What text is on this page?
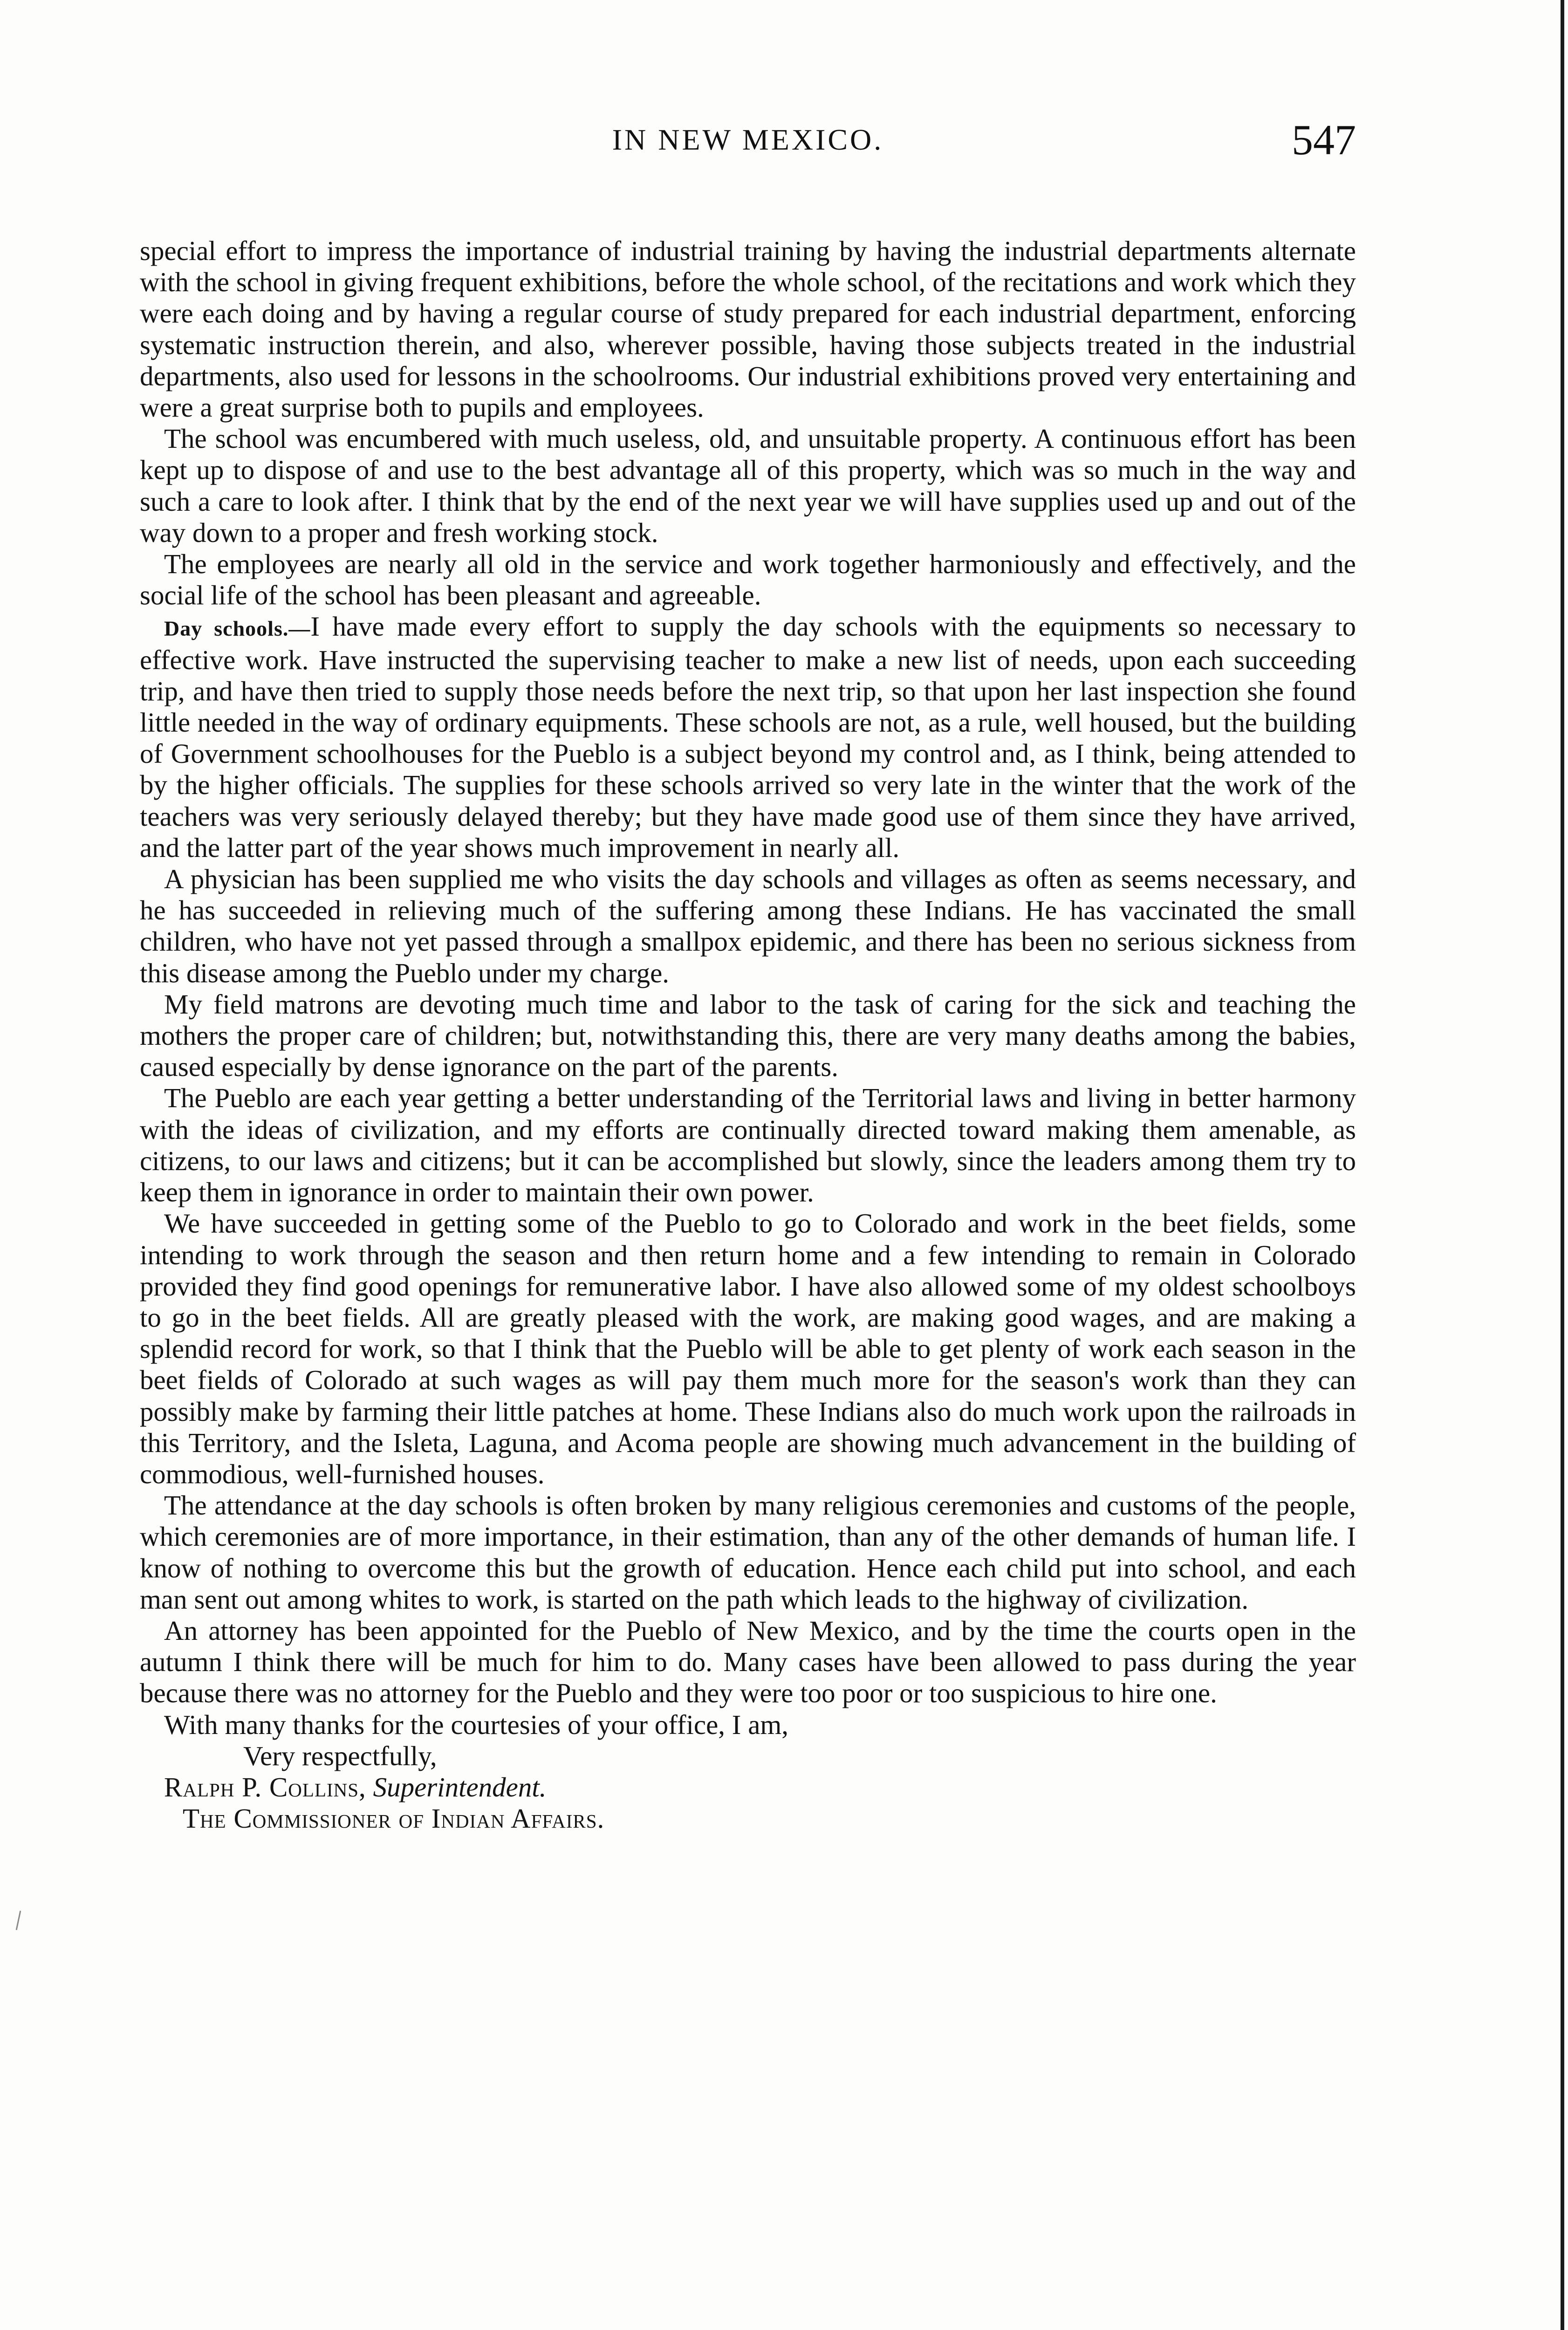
IN NEW MEXICO.	547

special effort to impress the importance of industrial training by having the industrial departments alternate with the school in giving frequent exhibitions, before the whole school, of the recitations and work which they were each doing and by having a regular course of study prepared for each industrial department, enforcing systematic instruction therein, and also, wherever possible, having those subjects treated in the industrial departments, also used for lessons in the schoolrooms. Our industrial exhibitions proved very entertaining and were a great surprise both to pupils and employees.

The school was encumbered with much useless, old, and unsuitable property. A continuous effort has been kept up to dispose of and use to the best advantage all of this property, which was so much in the way and such a care to look after. I think that by the end of the next year we will have supplies used up and out of the way down to a proper and fresh working stock.

The employees are nearly all old in the service and work together harmoniously and effectively, and the social life of the school has been pleasant and agreeable.

Day schools.—I have made every effort to supply the day schools with the equipments so necessary to effective work. Have instructed the supervising teacher to make a new list of needs, upon each succeeding trip, and have then tried to supply those needs before the next trip, so that upon her last inspection she found little needed in the way of ordinary equipments. These schools are not, as a rule, well housed, but the building of Government schoolhouses for the Pueblo is a subject beyond my control and, as I think, being attended to by the higher officials. The supplies for these schools arrived so very late in the winter that the work of the teachers was very seriously delayed thereby; but they have made good use of them since they have arrived, and the latter part of the year shows much improvement in nearly all.

A physician has been supplied me who visits the day schools and villages as often as seems necessary, and he has succeeded in relieving much of the suffering among these Indians. He has vaccinated the small children, who have not yet passed through a smallpox epidemic, and there has been no serious sickness from this disease among the Pueblo under my charge.

My field matrons are devoting much time and labor to the task of caring for the sick and teaching the mothers the proper care of children; but, notwithstanding this, there are very many deaths among the babies, caused especially by dense ignorance on the part of the parents.

The Pueblo are each year getting a better understanding of the Territorial laws and living in better harmony with the ideas of civilization, and my efforts are continually directed toward making them amenable, as citizens, to our laws and citizens; but it can be accomplished but slowly, since the leaders among them try to keep them in ignorance in order to maintain their own power.

We have succeeded in getting some of the Pueblo to go to Colorado and work in the beet fields, some intending to work through the season and then return home and a few intending to remain in Colorado provided they find good openings for remunerative labor. I have also allowed some of my oldest schoolboys to go in the beet fields. All are greatly pleased with the work, are making good wages, and are making a splendid record for work, so that I think that the Pueblo will be able to get plenty of work each season in the beet fields of Colorado at such wages as will pay them much more for the season's work than they can possibly make by farming their little patches at home. These Indians also do much work upon the railroads in this Territory, and the Isleta, Laguna, and Acoma people are showing much advancement in the building of commodious, well-furnished houses.

The attendance at the day schools is often broken by many religious ceremonies and customs of the people, which ceremonies are of more importance, in their estimation, than any of the other demands of human life. I know of nothing to overcome this but the growth of education. Hence each child put into school, and each man sent out among whites to work, is started on the path which leads to the highway of civilization.

An attorney has been appointed for the Pueblo of New Mexico, and by the time the courts open in the autumn I think there will be much for him to do. Many cases have been allowed to pass during the year because there was no attorney for the Pueblo and they were too poor or too suspicious to hire one.

With many thanks for the courtesies of your office, I am,

Very respectfully,

Ralph P. Collins, Superintendent.

The Commissioner of Indian Affairs.
